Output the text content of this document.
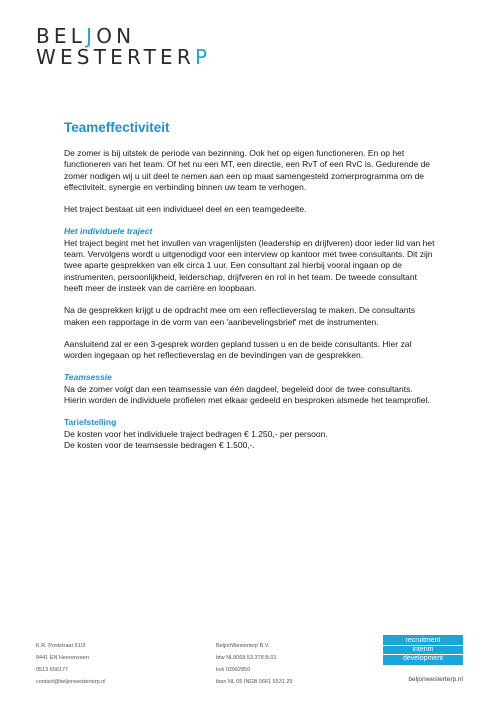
BELJON
WESTERTERP
Teameffectiviteit

De zomer is bij uitstek de periode van bezinning. Ook het op eigen functioneren. En op het functioneren van het team. Of het nu een MT, een directie, een RvT of een RvC is. Gedurende de zomer nodigen wij u uit deel te nemen aan een op maat samengesteld zomerprogramma om de effectiviteit, synergie en verbinding binnen uw team te verhogen.

Het traject bestaat uit een individueel deel en een teamgedeelte.

Het individuele traject

Het traject begint met het invullen van vragenlijsten (leadership en drijfveren) door ieder lid van het team. Vervolgens wordt u uitgenodigd voor een interview op kantoor met twee consultants. Dit zijn twee aparte gesprekken van elk circa 1 uur. Een consultant zal hierbij vooral ingaan op de instrumenten, persoonlijkheid, leiderschap, drijfveren en rol in het team. De tweede consultant heeft meer de insteek van de carrière en loopbaan.

Na de gesprekken krijgt u de opdracht mee om een reflectieverslag te maken. De consultants maken een rapportage in de vorm van een 'aanbevelingsbrief' met de instrumenten.

Aansluitend zal er een 3-gesprek worden gepland tussen u en de beide consultants. Hier zal worden ingegaan op het reflectieverslag en de bevindingen van de gesprekken.

Teamsessie

Na de zomer volgt dan een teamsessie van één dagdeel, begeleid door de twee consultants. Hierin worden de individuele profielen met elkaar gedeeld en besproken alsmede het teamprofiel.

Tariefstelling

De kosten voor het individuele traject bedragen € 1.250,- per persoon.
De kosten voor de teamsessie bedragen € 1.500,-.

K.R. Poststraat 91/3
8441 EN Heerenveen
0513 656177
contact@beljonwesterterp.nl
BeljonWesterterp B.V.
btw NL8069.53.378.B.01
kvk 02062850
iban NL 05 INGB 0661 6531 29
recruitment
interim
development
beljonwesterterp.nl
